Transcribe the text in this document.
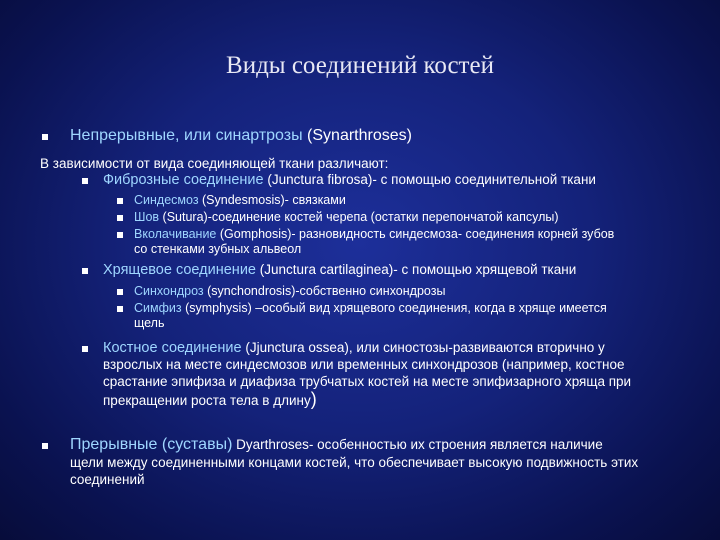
Виды соединений костей
Непрерывные, или синартрозы (Synarthroses)
В зависимости от вида соединяющей ткани различают:
Фиброзные соединение (Junctura fibrosa)- с помощью соединительной ткани
Синдесмоз (Syndesmosis)- связками
Шов (Sutura)-соединение костей черепа (остатки перепончатой капсулы)
Вколачивание (Gomphosis)- разновидность синдесмоза- соединения корней зубов
со стенками зубных альвеол
Хрящевое соединение (Junctura cartilaginea)- с помощью хрящевой ткани
Синхондроз (synchondrosis)-собственно синхондрозы
Симфиз (symphysis) –особый вид хрящевого соединения, когда в хряще имеется
щель
Костное соединение (Jjunctura ossea), или синостозы-развиваются вторично у
взрослых на месте синдесмозов или временных синхондрозов (например, костное
срастание эпифиза и диафиза трубчатых костей на месте эпифизарного хряща при
прекращении роста тела в длину)
Прерывные (суставы) Dyarthroses- особенностью их строения является наличие
щели между соединенными концами костей, что обеспечивает высокую подвижность этих
соединений
